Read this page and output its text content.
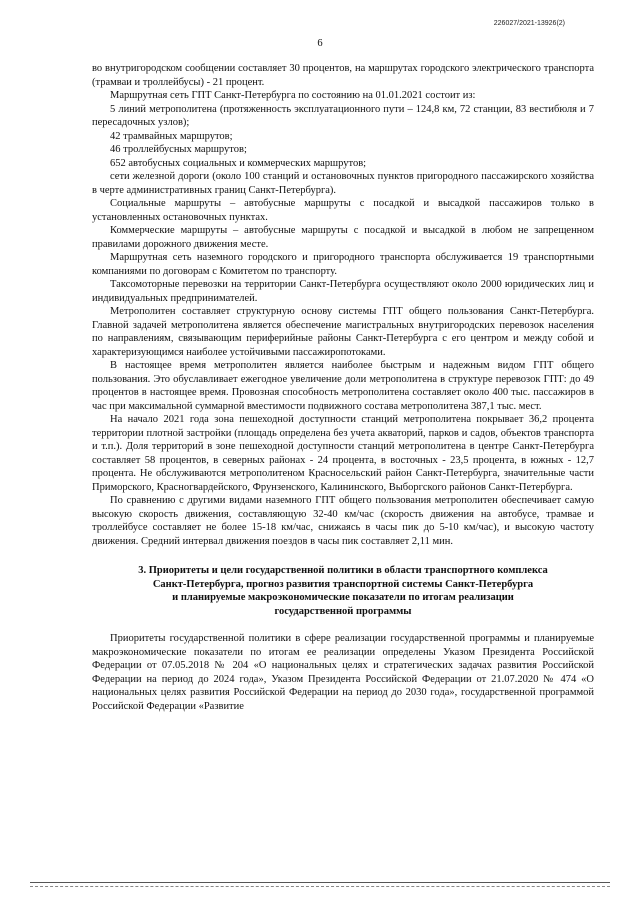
226027/2021-13926(2)
6

во внутригородском сообщении составляет 30 процентов, на маршрутах городского электрического транспорта (трамваи и троллейбусы) - 21 процент.

Маршрутная сеть ГПТ Санкт-Петербурга по состоянию на 01.01.2021 состоит из:

5 линий метрополитена (протяженность эксплуатационного пути – 124,8 км, 72 станции, 83 вестибюля и 7 пересадочных узлов);

42 трамвайных маршрутов;

46 троллейбусных маршрутов;

652 автобусных социальных и коммерческих маршрутов;

сети железной дороги (около 100 станций и остановочных пунктов пригородного пассажирского хозяйства в черте административных границ Санкт-Петербурга).

Социальные маршруты – автобусные маршруты с посадкой и высадкой пассажиров только в установленных остановочных пунктах.

Коммерческие маршруты – автобусные маршруты с посадкой и высадкой в любом не запрещенном правилами дорожного движения месте.

Маршрутная сеть наземного городского и пригородного транспорта обслуживается 19 транспортными компаниями по договорам с Комитетом по транспорту.

Таксомоторные перевозки на территории Санкт-Петербурга осуществляют около 2000 юридических лиц и индивидуальных предпринимателей.

Метрополитен составляет структурную основу системы ГПТ общего пользования Санкт-Петербурга. Главной задачей метрополитена является обеспечение магистральных внутригородских перевозок населения по направлениям, связывающим периферийные районы Санкт-Петербурга с его центром и между собой и характеризующимся наиболее устойчивыми пассажиропотоками.

В настоящее время метрополитен является наиболее быстрым и надежным видом ГПТ общего пользования. Это обуславливает ежегодное увеличение доли метрополитена в структуре перевозок ГПТ: до 49 процентов в настоящее время. Провозная способность метрополитена составляет около 400 тыс. пассажиров в час при максимальной суммарной вместимости подвижного состава метрополитена 387,1 тыс. мест.

На начало 2021 года зона пешеходной доступности станций метрополитена покрывает 36,2 процента территории плотной застройки (площадь определена без учета акваторий, парков и садов, объектов транспорта и т.п.). Доля территорий в зоне пешеходной доступности станций метрополитена в центре Санкт-Петербурга составляет 58 процентов, в северных районах - 24 процента, в восточных - 23,5 процента, в южных - 12,7 процента. Не обслуживаются метрополитеном Красносельский район Санкт-Петербурга, значительные части Приморского, Красногвардейского, Фрунзенского, Калининского, Выборгского районов Санкт-Петербурга.

По сравнению с другими видами наземного ГПТ общего пользования метрополитен обеспечивает самую высокую скорость движения, составляющую 32-40 км/час (скорость движения на автобусе, трамвае и троллейбусе составляет не более 15-18 км/час, снижаясь в часы пик до 5-10 км/час), и высокую частоту движения. Средний интервал движения поездов в часы пик составляет 2,11 мин.

3. Приоритеты и цели государственной политики в области транспортного комплекса
Санкт-Петербурга, прогноз развития транспортной системы Санкт-Петербурга
и планируемые макроэкономические показатели по итогам реализации
государственной программы

Приоритеты государственной политики в сфере реализации государственной программы и планируемые макроэкономические показатели по итогам ее реализации определены Указом Президента Российской Федерации от 07.05.2018 № 204 «О национальных целях и стратегических задачах развития Российской Федерации на период до 2024 года», Указом Президента Российской Федерации от 21.07.2020 № 474 «О национальных целях развития Российской Федерации на период до 2030 года», государственной программой Российской Федерации «Развитие
